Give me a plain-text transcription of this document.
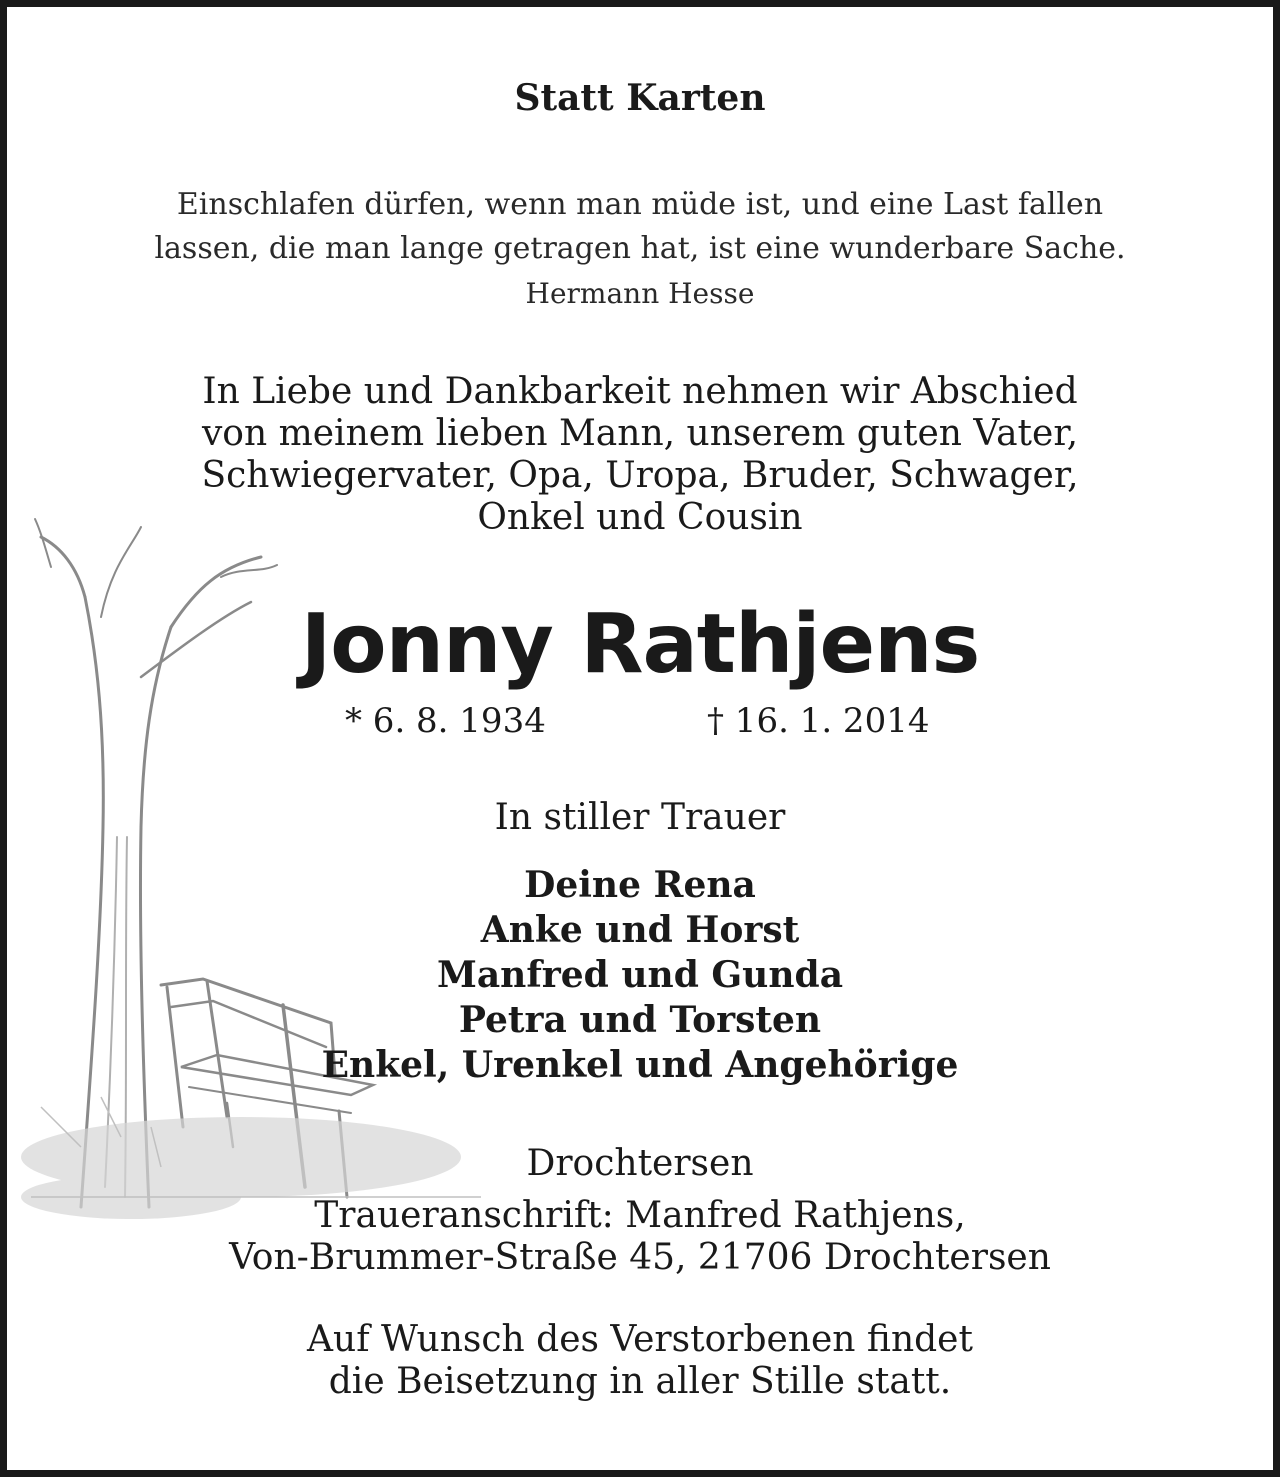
Statt Karten

Einschlafen dürfen, wenn man müde ist, und eine Last fallen
lassen, die man lange getragen hat, ist eine wunderbare Sache.

Hermann Hesse

In Liebe und Dankbarkeit nehmen wir Abschied
von meinem lieben Mann, unserem guten Vater,
Schwiegervater, Opa, Uropa, Bruder, Schwager,
Onkel und Cousin

Jonny Rathjens

* 6. 8. 1934	† 16. 1. 2014

In stiller Trauer

Deine Rena
Anke und Horst
Manfred und Gunda
Petra und Torsten
Enkel, Urenkel und Angehörige

Drochtersen

Traueranschrift: Manfred Rathjens,
Von-Brummer-Straße 45, 21706 Drochtersen

Auf Wunsch des Verstorbenen findet
die Beisetzung in aller Stille statt.
